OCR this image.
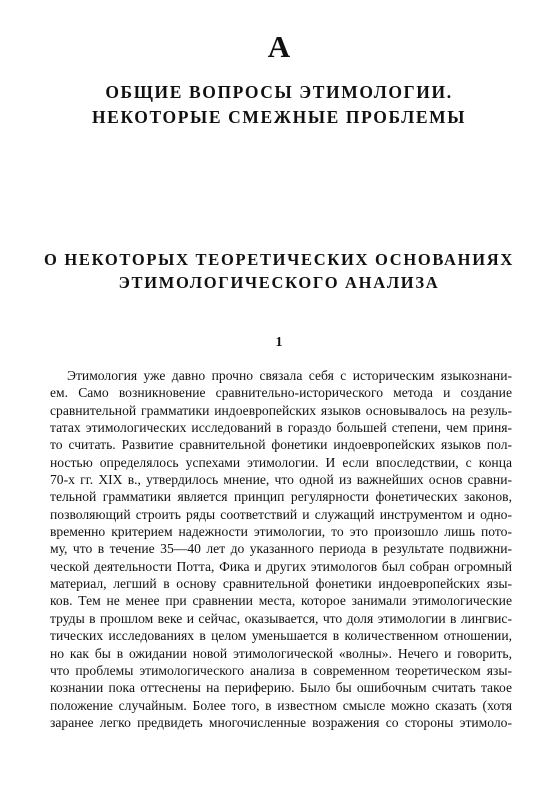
А
ОБЩИЕ ВОПРОСЫ ЭТИМОЛОГИИ.
НЕКОТОРЫЕ СМЕЖНЫЕ ПРОБЛЕМЫ
О НЕКОТОРЫХ ТЕОРЕТИЧЕСКИХ ОСНОВАНИЯХ
ЭТИМОЛОГИЧЕСКОГО АНАЛИЗА
1
Этимология уже давно прочно связала себя с историческим языкознани-
ем. Само возникновение сравнительно-исторического метода и создание
сравнительной грамматики индоевропейских языков основывалось на резуль-
татах этимологических исследований в гораздо большей степени, чем приня-
то считать. Развитие сравнительной фонетики индоевропейских языков пол-
ностью определялось успехами этимологии. И если впоследствии, с конца
70-х гг. XIX в., утвердилось мнение, что одной из важнейших основ сравни-
тельной грамматики является принцип регулярности фонетических законов,
позволяющий строить ряды соответствий и служащий инструментом и одно-
временно критерием надежности этимологии, то это произошло лишь пото-
му, что в течение 35—40 лет до указанного периода в результате подвижни-
ческой деятельности Потта, Фика и других этимологов был собран огромный
материал, легший в основу сравнительной фонетики индоевропейских язы-
ков. Тем не менее при сравнении места, которое занимали этимологические
труды в прошлом веке и сейчас, оказывается, что доля этимологии в лингвис-
тических исследованиях в целом уменьшается в количественном отношении,
но как бы в ожидании новой этимологической «волны». Нечего и говорить,
что проблемы этимологического анализа в современном теоретическом язы-
кознании пока оттеснены на периферию. Было бы ошибочным считать такое
положение случайным. Более того, в известном смысле можно сказать (хотя
заранее легко предвидеть многочисленные возражения со стороны этимоло-
